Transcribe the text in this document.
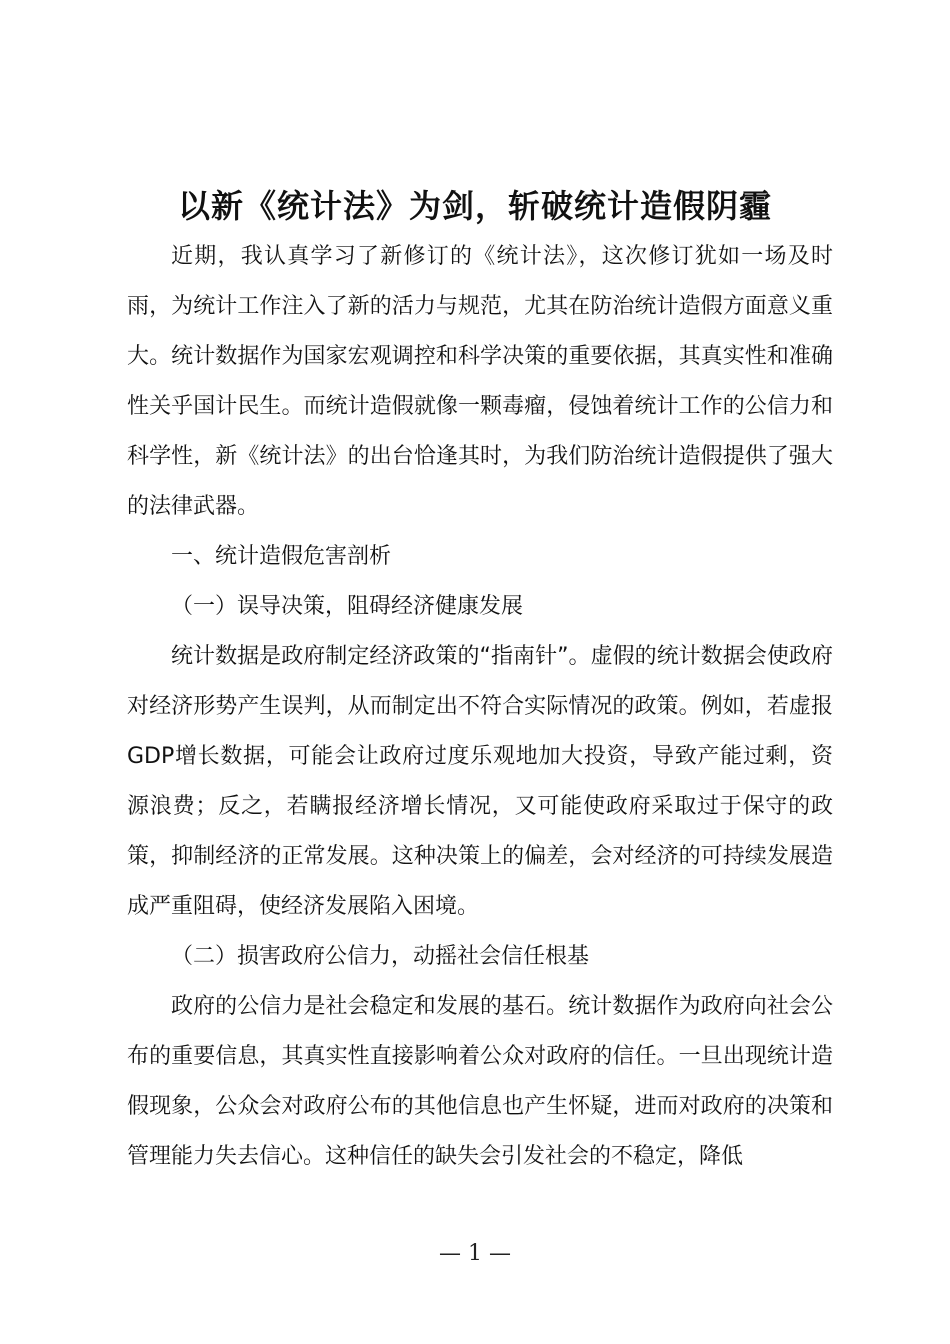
以新《统计法》为剑，斩破统计造假阴霾

近期，我认真学习了新修订的《统计法》，这次修订犹如一场及时雨，为统计工作注入了新的活力与规范，尤其在防治统计造假方面意义重大。统计数据作为国家宏观调控和科学决策的重要依据，其真实性和准确性关乎国计民生。而统计造假就像一颗毒瘤，侵蚀着统计工作的公信力和科学性，新《统计法》的出台恰逢其时，为我们防治统计造假提供了强大的法律武器。

一、统计造假危害剖析

（一）误导决策，阻碍经济健康发展

统计数据是政府制定经济政策的“指南针”。虚假的统计数据会使政府对经济形势产生误判，从而制定出不符合实际情况的政策。例如，若虚报GDP增长数据，可能会让政府过度乐观地加大投资，导致产能过剩，资源浪费；反之，若瞒报经济增长情况，又可能使政府采取过于保守的政策，抑制经济的正常发展。这种决策上的偏差，会对经济的可持续发展造成严重阻碍，使经济发展陷入困境。

（二）损害政府公信力，动摇社会信任根基

政府的公信力是社会稳定和发展的基石。统计数据作为政府向社会公布的重要信息，其真实性直接影响着公众对政府的信任。一旦出现统计造假现象，公众会对政府公布的其他信息也产生怀疑，进而对政府的决策和管理能力失去信心。这种信任的缺失会引发社会的不稳定，降低

— 1 —
